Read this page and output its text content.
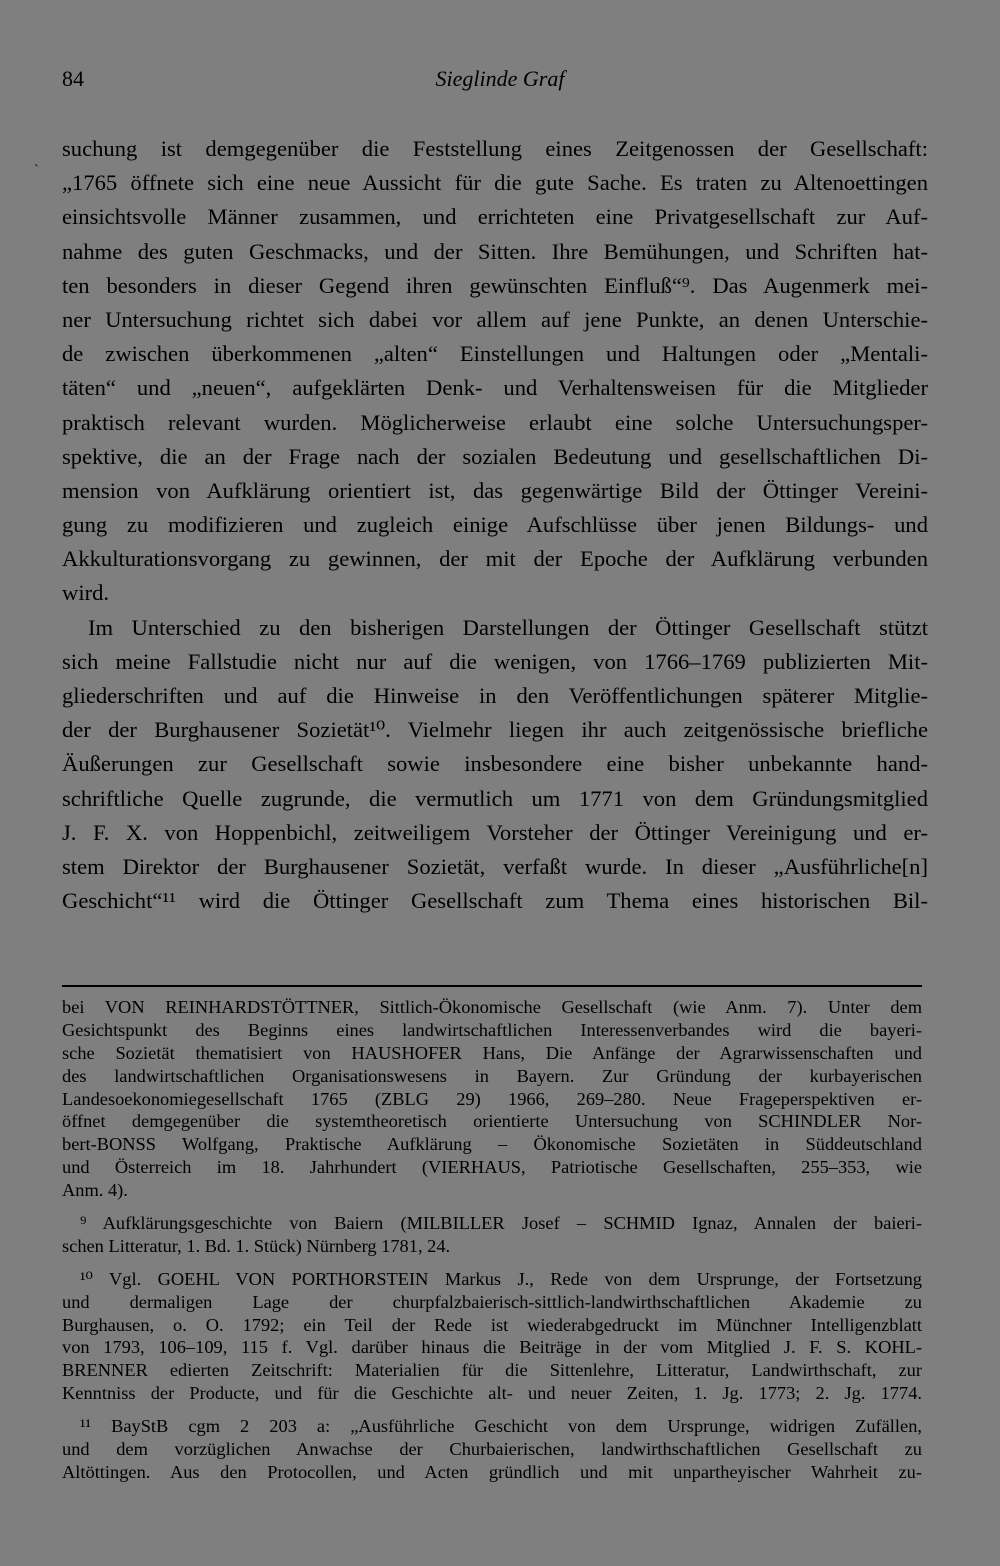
84	Sieglinde Graf
ˋ
suchung ist demgegenüber die Feststellung eines Zeitgenossen der Gesellschaft:
„1765 öffnete sich eine neue Aussicht für die gute Sache. Es traten zu Altenoettingen
einsichtsvolle Männer zusammen, und errichteten eine Privatgesellschaft zur Auf-
nahme des guten Geschmacks, und der Sitten. Ihre Bemühungen, und Schriften hat-
ten besonders in dieser Gegend ihren gewünschten Einfluß“⁹. Das Augenmerk mei-
ner Untersuchung richtet sich dabei vor allem auf jene Punkte, an denen Unterschie-
de zwischen überkommenen „alten“ Einstellungen und Haltungen oder „Mentali-
täten“ und „neuen“, aufgeklärten Denk- und Verhaltensweisen für die Mitglieder
praktisch relevant wurden. Möglicherweise erlaubt eine solche Untersuchungsper-
spektive, die an der Frage nach der sozialen Bedeutung und gesellschaftlichen Di-
mension von Aufklärung orientiert ist, das gegenwärtige Bild der Öttinger Vereini-
gung zu modifizieren und zugleich einige Aufschlüsse über jenen Bildungs- und
Akkulturationsvorgang zu gewinnen, der mit der Epoche der Aufklärung verbunden
wird.
Im Unterschied zu den bisherigen Darstellungen der Öttinger Gesellschaft stützt
sich meine Fallstudie nicht nur auf die wenigen, von 1766–1769 publizierten Mit-
gliederschriften und auf die Hinweise in den Veröffentlichungen späterer Mitglie-
der der Burghausener Sozietät¹⁰. Vielmehr liegen ihr auch zeitgenössische briefliche
Äußerungen zur Gesellschaft sowie insbesondere eine bisher unbekannte hand-
schriftliche Quelle zugrunde, die vermutlich um 1771 von dem Gründungsmitglied
J. F. X. von Hoppenbichl, zeitweiligem Vorsteher der Öttinger Vereinigung und er-
stem Direktor der Burghausener Sozietät, verfaßt wurde. In dieser „Ausführliche[n]
Geschicht“¹¹ wird die Öttinger Gesellschaft zum Thema eines historischen Bil-
bei VON REINHARDSTÖTTNER, Sittlich-Ökonomische Gesellschaft (wie Anm. 7). Unter dem
Gesichtspunkt des Beginns eines landwirtschaftlichen Interessenverbandes wird die bayeri-
sche Sozietät thematisiert von HAUSHOFER Hans, Die Anfänge der Agrarwissenschaften und
des landwirtschaftlichen Organisationswesens in Bayern. Zur Gründung der kurbayerischen
Landesoekonomiegesellschaft 1765 (ZBLG 29) 1966, 269–280. Neue Frageperspektiven er-
öffnet demgegenüber die systemtheoretisch orientierte Untersuchung von SCHINDLER Nor-
bert-BONSS Wolfgang, Praktische Aufklärung – Ökonomische Sozietäten in Süddeutschland
und Österreich im 18. Jahrhundert (VIERHAUS, Patriotische Gesellschaften, 255–353, wie
Anm. 4).
⁹ Aufklärungsgeschichte von Baiern (MILBILLER Josef – SCHMID Ignaz, Annalen der baieri-
schen Litteratur, 1. Bd. 1. Stück) Nürnberg 1781, 24.
¹⁰ Vgl. GOEHL VON PORTHORSTEIN Markus J., Rede von dem Ursprunge, der Fortsetzung
und dermaligen Lage der churpfalzbaierisch-sittlich-landwirthschaftlichen Akademie zu
Burghausen, o. O. 1792; ein Teil der Rede ist wiederabgedruckt im Münchner Intelligenzblatt
von 1793, 106–109, 115 f. Vgl. darüber hinaus die Beiträge in der vom Mitglied J. F. S. KOHL-
BRENNER edierten Zeitschrift: Materialien für die Sittenlehre, Litteratur, Landwirthschaft, zur
Kenntniss der Producte, und für die Geschichte alt- und neuer Zeiten, 1. Jg. 1773; 2. Jg. 1774.
¹¹ BayStB cgm 2 203 a: „Ausführliche Geschicht von dem Ursprunge, widrigen Zufällen,
und dem vorzüglichen Anwachse der Churbaierischen, landwirthschaftlichen Gesellschaft zu
Altöttingen. Aus den Protocollen, und Acten gründlich und mit unpartheyischer Wahrheit zu-
